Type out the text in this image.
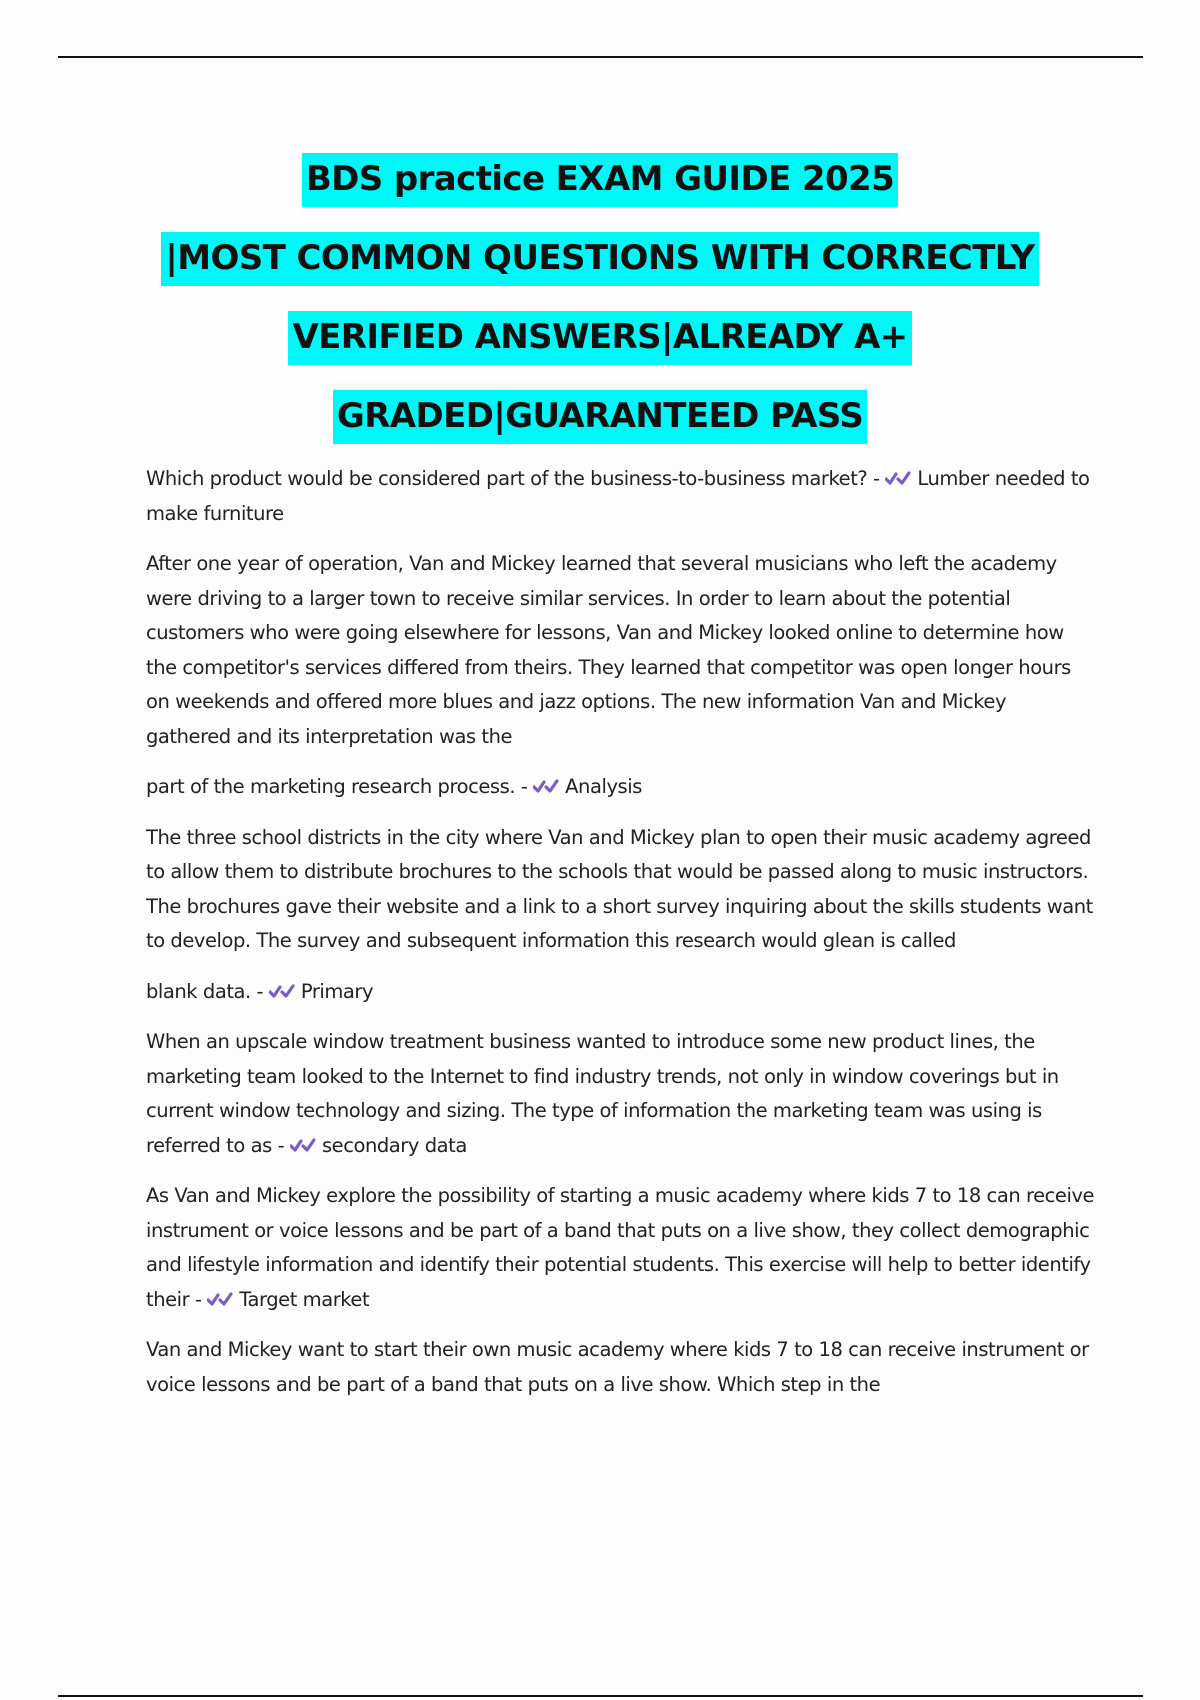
BDS practice EXAM GUIDE 2025
|MOST COMMON QUESTIONS WITH CORRECTLY
VERIFIED ANSWERS|ALREADY A+
GRADED|GUARANTEED PASS

Which product would be considered part of the business-to-business market? - Lumber needed to make furniture

After one year of operation, Van and Mickey learned that several musicians who left the academy were driving to a larger town to receive similar services. In order to learn about the potential customers who were going elsewhere for lessons, Van and Mickey looked online to determine how the competitor's services differed from theirs. They learned that competitor was open longer hours on weekends and offered more blues and jazz options. The new information Van and Mickey gathered and its interpretation was the

part of the marketing research process. - Analysis

The three school districts in the city where Van and Mickey plan to open their music academy agreed to allow them to distribute brochures to the schools that would be passed along to music instructors. The brochures gave their website and a link to a short survey inquiring about the skills students want to develop. The survey and subsequent information this research would glean is called

blank data. - Primary

When an upscale window treatment business wanted to introduce some new product lines, the marketing team looked to the Internet to find industry trends, not only in window coverings but in current window technology and sizing. The type of information the marketing team was using is referred to as - secondary data

As Van and Mickey explore the possibility of starting a music academy where kids 7 to 18 can receive instrument or voice lessons and be part of a band that puts on a live show, they collect demographic and lifestyle information and identify their potential students. This exercise will help to better identify their - Target market

Van and Mickey want to start their own music academy where kids 7 to 18 can receive instrument or voice lessons and be part of a band that puts on a live show. Which step in the
